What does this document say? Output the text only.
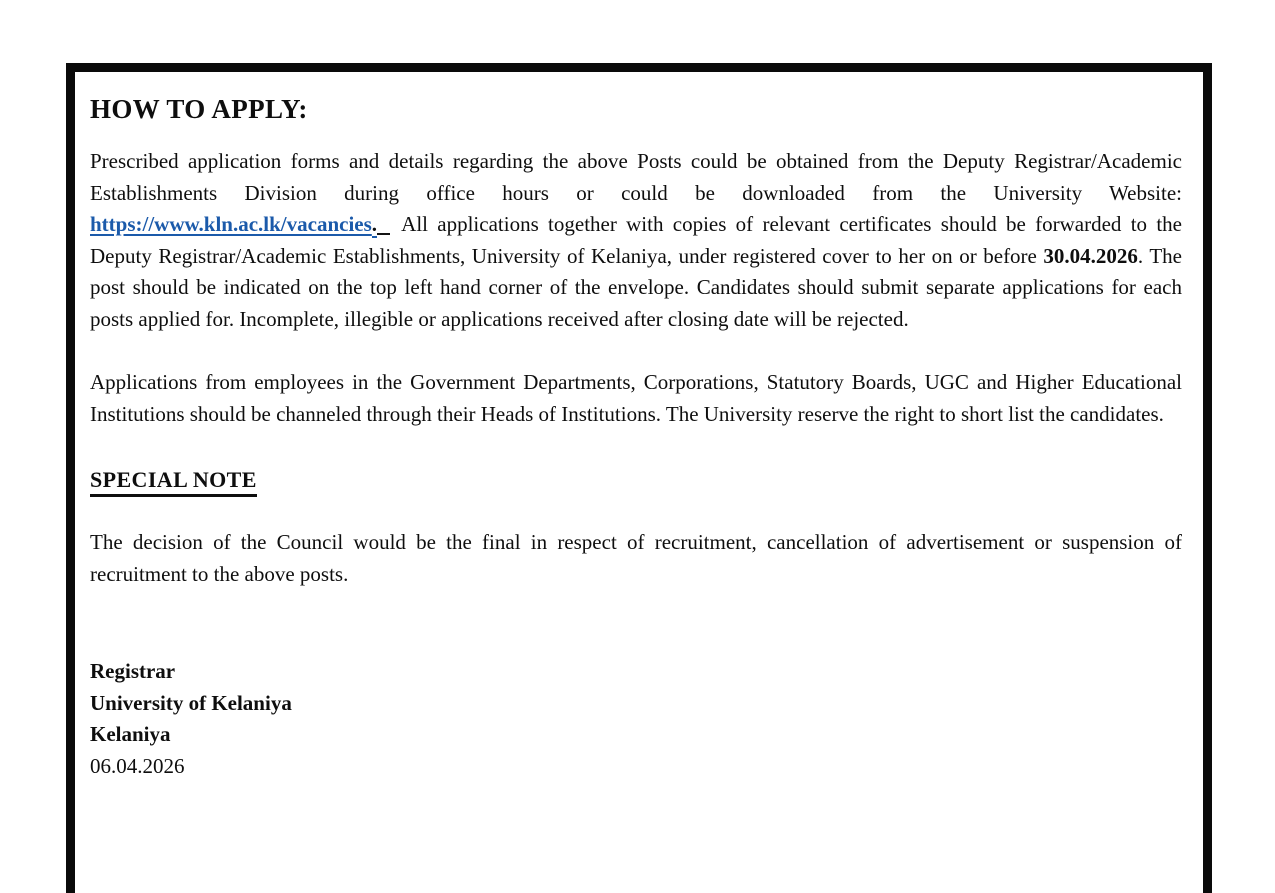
HOW TO APPLY:

Prescribed application forms and details regarding the above Posts could be obtained from the Deputy Registrar/Academic Establishments Division during office hours or could be downloaded from the University Website: https://www.kln.ac.lk/vacancies. All applications together with copies of relevant certificates should be forwarded to the Deputy Registrar/Academic Establishments, University of Kelaniya, under registered cover to her on or before 30.04.2026. The post should be indicated on the top left hand corner of the envelope. Candidates should submit separate applications for each posts applied for. Incomplete, illegible or applications received after closing date will be rejected.

Applications from employees in the Government Departments, Corporations, Statutory Boards, UGC and Higher Educational Institutions should be channeled through their Heads of Institutions. The University reserve the right to short list the candidates.

SPECIAL NOTE

The decision of the Council would be the final in respect of recruitment, cancellation of advertisement or suspension of recruitment to the above posts.

Registrar
University of Kelaniya
Kelaniya
06.04.2026
